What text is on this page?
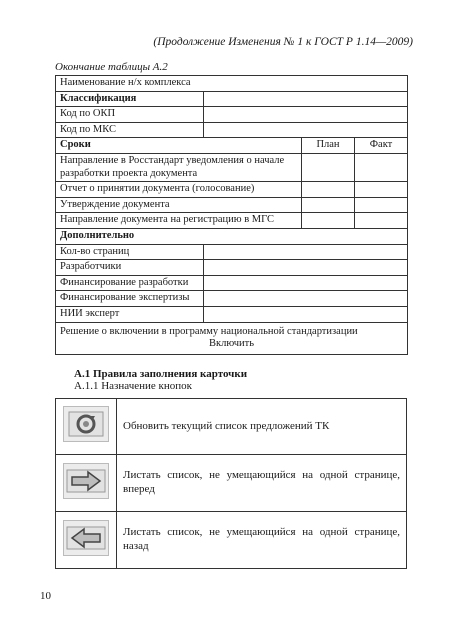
(Продолжение Изменения № 1 к ГОСТ Р 1.14—2009)
Окончание таблицы А.2
Наименование н/х комплекса			
Классификация			
Код по ОКП			
Код по МКС			
Сроки		План	Факт
Направление в Росстандарт уведомления о начале разработки проекта документа			
Отчет о принятии документа (голосование)			
Утверждение документа			
Направление документа на регистрацию в МГС			
Дополнительно			
Кол-во страниц			
Разработчики			
Финансирование разработки			
Финансирование экспертизы			
НИИ эксперт			

Решение о включении в программу национальной стандартизации
Включить			
А.1 Правила заполнения карточки
А.1.1 Назначение кнопок
	Обновить текущий список предложений ТК

	Листать список, не умещающийся на одной странице, вперед

	Листать список, не умещающийся на одной странице, назад
10
